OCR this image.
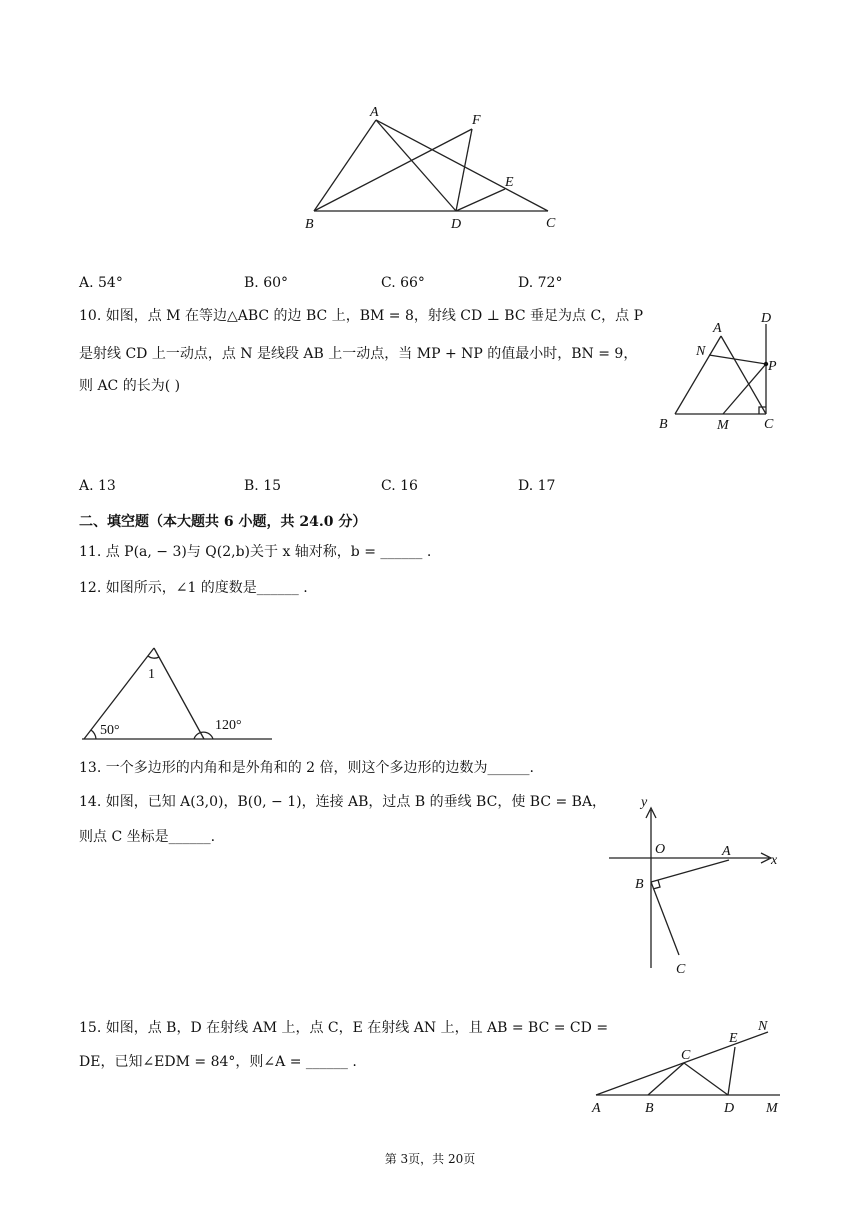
A
B	C
D
E
F
A. 54°	B. 60°	C. 66°	D. 72°
10. 如图，点 M 在等边△ABC 的边 BC 上，BM = 8，射线 CD ⊥ BC 垂足为点 C，点 P
是射线 CD 上一动点，点 N 是线段 AB 上一动点，当 MP + NP 的值最小时，BN = 9，
则 AC 的长为( )
A
B	C
D
M
N
P
A. 13	B. 15	C. 16	D. 17
二、填空题（本大题共 6 小题，共 24.0 分）
11. 点 P(a, − 3)与 Q(2,b)关于 x 轴对称，b = ______ .
12. 如图所示，∠1 的度数是______ .
1
50°	120°
13. 一个多边形的内角和是外角和的 2 倍，则这个多边形的边数为______.
14. 如图，已知 A(3,0)，B(0, − 1)，连接 AB，过点 B 的垂线 BC，使 BC = BA，
则点 C 坐标是______.
y
x
O	A
B
C
15. 如图，点 B，D 在射线 AM 上，点 C，E 在射线 AN 上，且 AB = BC = CD =
DE，已知∠EDM = 84°，则∠A = ______ .
A	B
C
D
E
M
N
第 3页，共 20页
